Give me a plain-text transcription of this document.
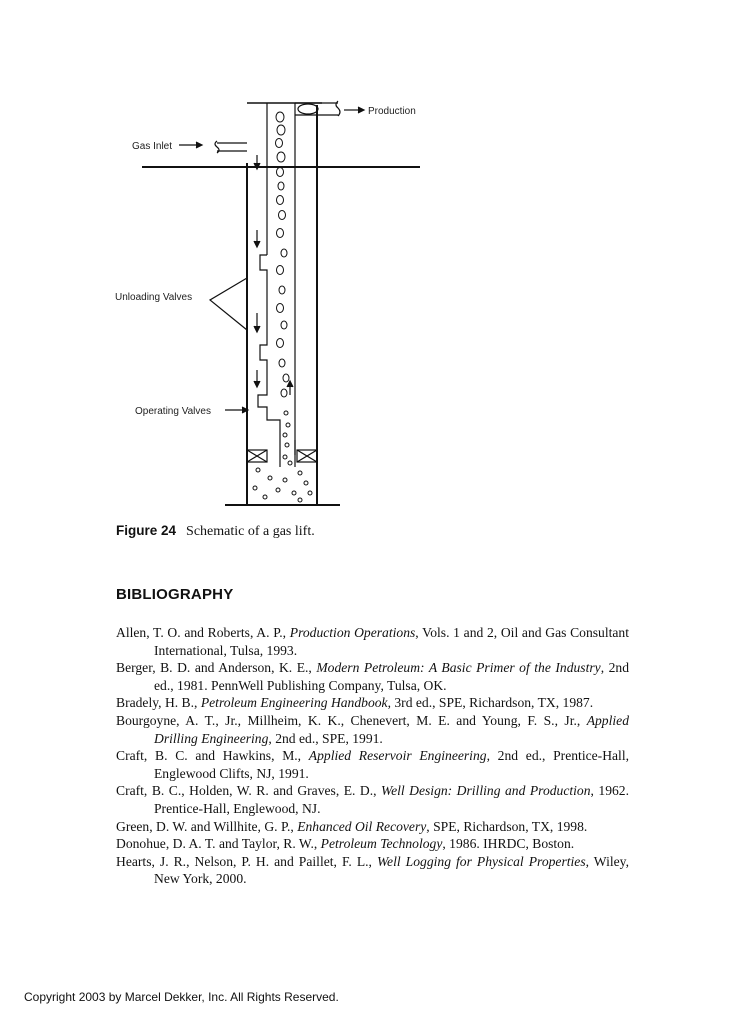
Production
Gas Inlet
Unloading Valves
Operating Valves
Figure 24 Schematic of a gas lift.
BIBLIOGRAPHY
Allen, T. O. and Roberts, A. P., Production Operations, Vols. 1 and 2, Oil and Gas Consultant International, Tulsa, 1993.
Berger, B. D. and Anderson, K. E., Modern Petroleum: A Basic Primer of the Industry, 2nd ed., 1981. PennWell Publishing Company, Tulsa, OK.
Bradely, H. B., Petroleum Engineering Handbook, 3rd ed., SPE, Richardson, TX, 1987.
Bourgoyne, A. T., Jr., Millheim, K. K., Chenevert, M. E. and Young, F. S., Jr., Applied Drilling Engineering, 2nd ed., SPE, 1991.
Craft, B. C. and Hawkins, M., Applied Reservoir Engineering, 2nd ed., Prentice-Hall, Englewood Clifts, NJ, 1991.
Craft, B. C., Holden, W. R. and Graves, E. D., Well Design: Drilling and Production, 1962. Prentice-Hall, Englewood, NJ.
Green, D. W. and Willhite, G. P., Enhanced Oil Recovery, SPE, Richardson, TX, 1998.
Donohue, D. A. T. and Taylor, R. W., Petroleum Technology, 1986. IHRDC, Boston.
Hearts, J. R., Nelson, P. H. and Paillet, F. L., Well Logging for Physical Properties, Wiley, New York, 2000.
Copyright 2003 by Marcel Dekker, Inc. All Rights Reserved.
